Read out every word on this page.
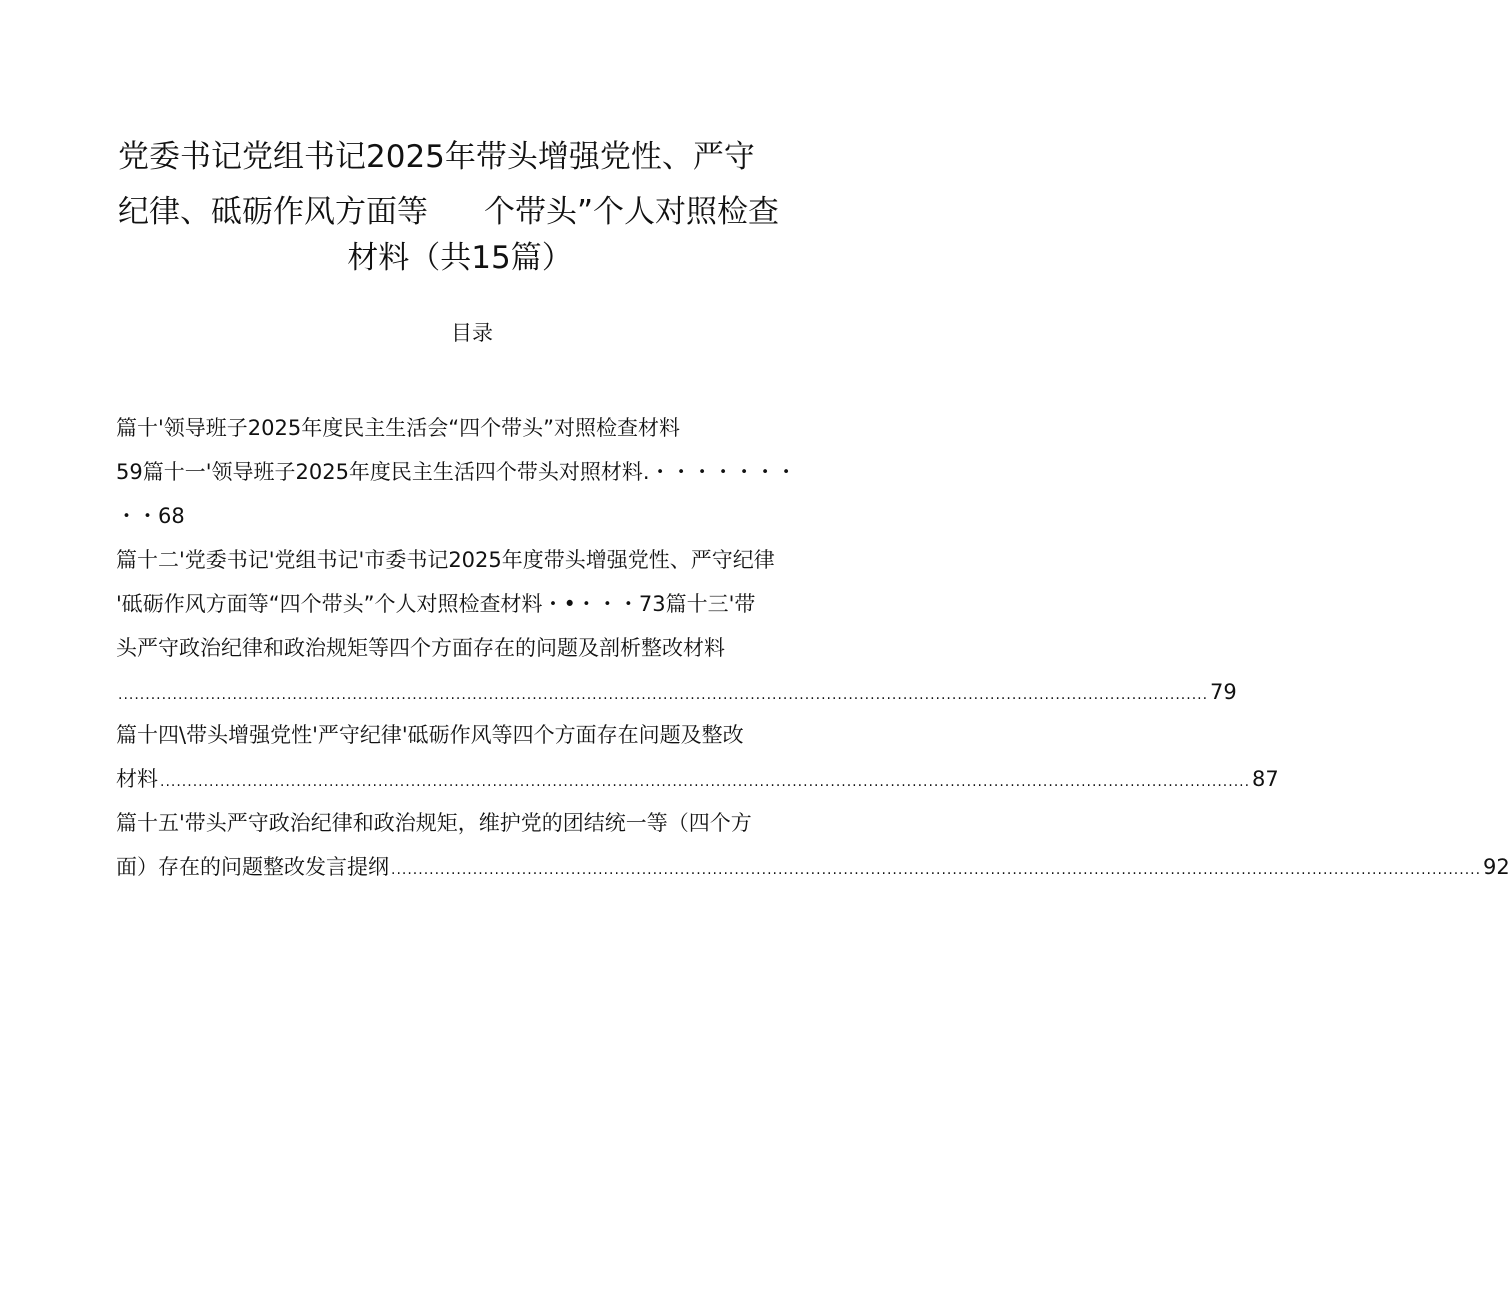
党委书记党组书记2025年带头增强党性、严守
纪律、砥砺作风方面等 个带头”个人对照检查
材料（共15篇）
目录
篇十'领导班子2025年度民主生活会“四个带头”对照检查材料
59篇十一'领导班子2025年度民主生活四个带头对照材料.・・・・・・・
・・68
篇十二'党委书记'党组书记'市委书记2025年度带头增强党性、严守纪律
'砥砺作风方面等“四个带头”个人对照检查材料・•・・・73篇十三'带
头严守政治纪律和政治规矩等四个方面存在的问题及剖析整改材料
........................................................................................................................................................................................................ 79
篇十四\带头增强党性'严守纪律'砥砺作风等四个方面存在问题及整改
材料 ........................................................................................................................................................................................................ 87
篇十五'带头严守政治纪律和政治规矩，维护党的团结统一等（四个方
面）存在的问题整改发言提纲 ........................................................................................................................................................................................................ 92
